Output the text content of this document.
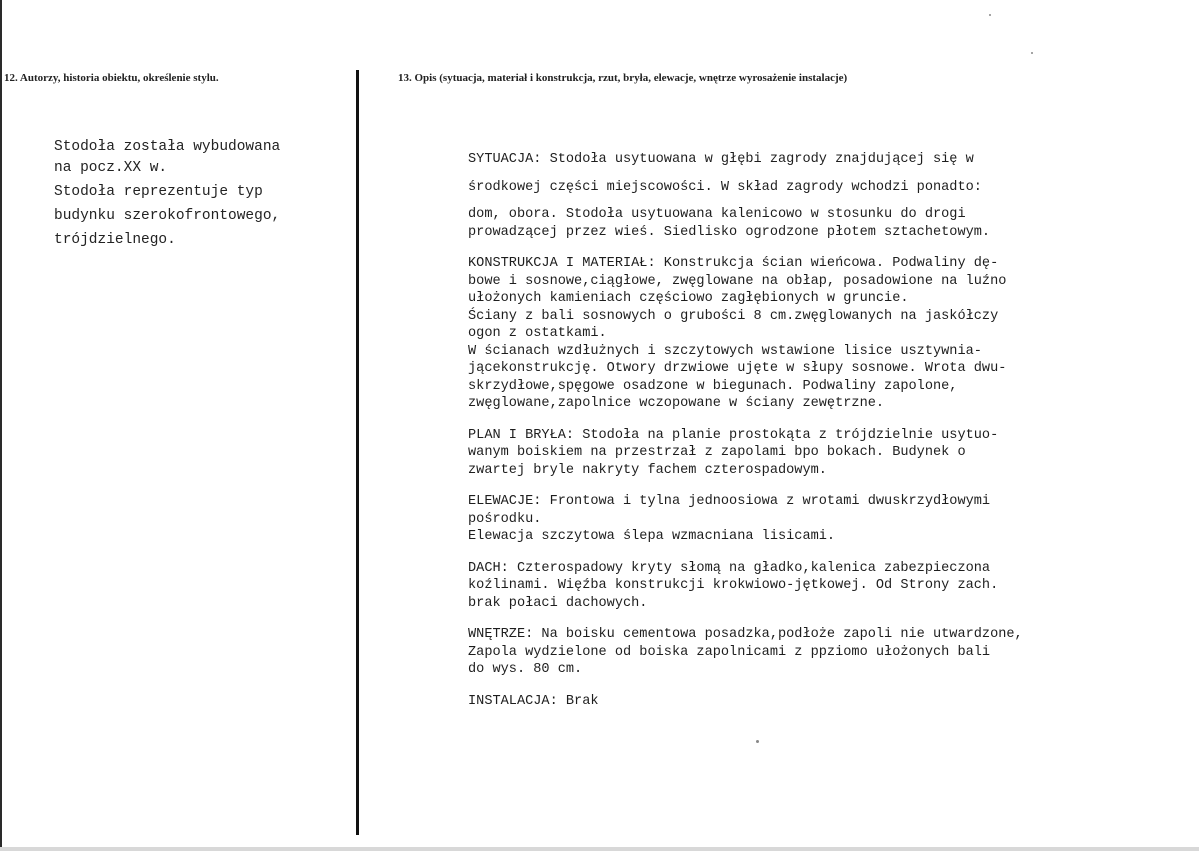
12. Autorzy, historia obiektu, określenie stylu.	13. Opis (sytuacja, materiał i konstrukcja, rzut, bryła, elewacje, wnętrze wyrosażenie instalacje)
Stodoła została wybudowana
na pocz.XX w.
Stodoła reprezentuje typ
budynku szerokofrontowego,
trójdzielnego.
SYTUACJA: Stodoła usytuowana w głębi zagrody znajdującej się w
środkowej części miejscowości. W skład zagrody wchodzi ponadto:
dom, obora. Stodoła usytuowana kalenicowo w stosunku do drogi
prowadzącej przez wieś. Siedlisko ogrodzone płotem sztachetowym.
KONSTRUKCJA I MATERIAŁ: Konstrukcja ścian wieńcowa. Podwaliny dę-
bowe i sosnowe,ciągłowe, zwęglowane na obłap, posadowione na luźno
ułożonych kamieniach częściowo zagłębionych w gruncie.
Ściany z bali sosnowych o grubości 8 cm.zwęglowanych na jaskółczy
ogon z ostatkami.
W ścianach wzdłużnych i szczytowych wstawione lisice usztywnia-
jącekonstrukcję. Otwory drzwiowe ujęte w słupy sosnowe. Wrota dwu-
skrzydłowe,spęgowe osadzone w biegunach. Podwaliny zapolone,
zwęglowane,zapolnice wczopowane w ściany zewętrzne.
PLAN I BRYŁA: Stodoła na planie prostokąta z trójdzielnie usytuo-
wanym boiskiem na przestrzał z zapolami bpo bokach. Budynek o
zwartej bryle nakryty fachem czterospadowym.
ELEWACJE: Frontowa i tylna jednoosiowa z wrotami dwuskrzydłowymi
pośrodku.
Elewacja szczytowa ślepa wzmacniana lisicami.
DACH: Czterospadowy kryty słomą na gładko,kalenica zabezpieczona
koźlinami. Więźba konstrukcji krokwiowo-jętkowej. Od Strony zach.
brak połaci dachowych.
WNĘTRZE: Na boisku cementowa posadzka,podłoże zapoli nie utwardzone,
Zapola wydzielone od boiska zapolnicami z ppziomo ułożonych bali
do wys. 80 cm.
INSTALACJA: Brak
